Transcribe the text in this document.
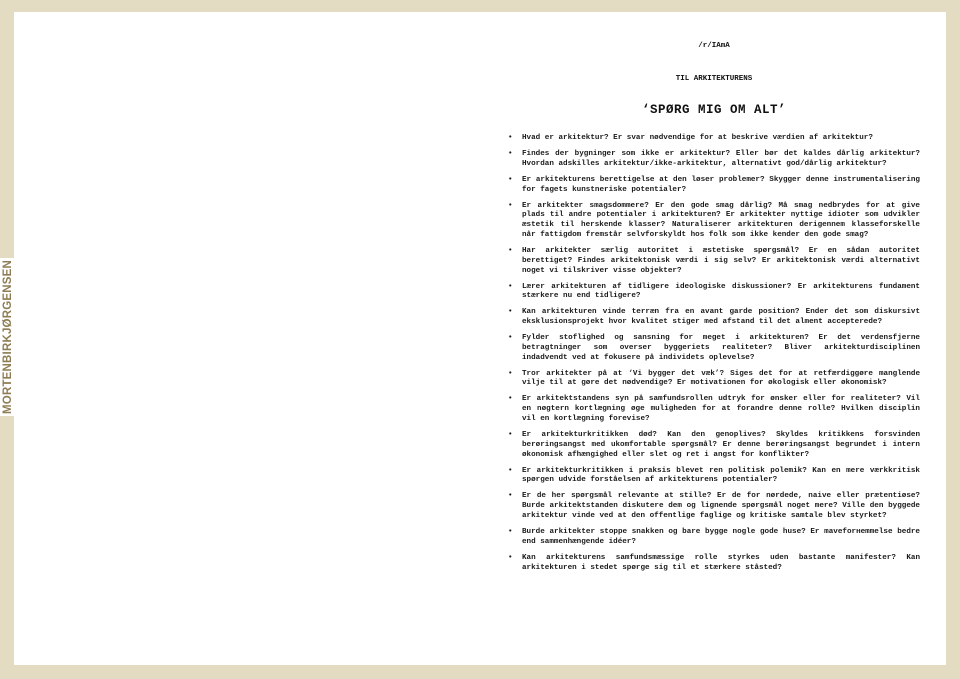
MORTENBIRKJØRGENSEN
/r/IAmA
TIL ARKITEKTURENS
‘SPØRG MIG OM ALT’
• Hvad er arkitektur? Er svar nødvendige for at beskrive værdien af arkitektur?
• Findes der bygninger som ikke er arkitektur? Eller bør det kaldes dårlig arkitektur? Hvordan adskilles arkitektur/ikke-arkitektur, alternativt god/dårlig arkitektur?
• Er arkitekturens berettigelse at den løser problemer? Skygger denne instrumentalisering for fagets kunstneriske potentialer?
• Er arkitekter smagsdommere? Er den gode smag dårlig? Må smag nedbrydes for at give plads til andre potentialer i arkitekturen? Er arkitekter nyttige idioter som udvikler æstetik til herskende klasser? Naturaliserer arkitekturen derigennem klasseforskelle når fattigdom fremstår selvforskyldt hos folk som ikke kender den gode smag?
• Har arkitekter særlig autoritet i æstetiske spørgsmål? Er en sådan autoritet berettiget? Findes arkitektonisk værdi i sig selv? Er arkitektonisk værdi alternativt noget vi tilskriver visse objekter?
• Lærer arkitekturen af tidligere ideologiske diskussioner? Er arkitekturens fundament stærkere nu end tidligere?
• Kan arkitekturen vinde terræn fra en avant garde position? Ender det som diskursivt eksklusionsprojekt hvor kvalitet stiger med afstand til det alment accepterede?
• Fylder stoflighed og sansning for meget i arkitekturen? Er det verdensfjerne betragtninger som overser byggeriets realiteter? Bliver arkitekturdisciplinen indadvendt ved at fokusere på individets oplevelse?
• Tror arkitekter på at ‘Vi bygger det væk’? Siges det for at retfærdiggøre manglende vilje til at gøre det nødvendige? Er motivationen for økologisk eller økonomisk?
• Er arkitektstandens syn på samfundsrollen udtryk for ønsker eller for realiteter? Vil en nøgtern kortlægning øge muligheden for at forandre denne rolle? Hvilken disciplin vil en kortlægning forevise?
• Er arkitekturkritikken død? Kan den genoplives? Skyldes kritikkens forsvinden berøringsangst med ukomfortable spørgsmål? Er denne berøringsangst begrundet i intern økonomisk afhængighed eller slet og ret i angst for konflikter?
• Er arkitekturkritikken i praksis blevet ren politisk polemik? Kan en mere værkkritisk spørgen udvide forståelsen af arkitekturens potentialer?
• Er de her spørgsmål relevante at stille? Er de for nørdede, naive eller prætentiøse? Burde arkitektstanden diskutere dem og lignende spørgsmål noget mere? Ville den byggede arkitektur vinde ved at den offentlige faglige og kritiske samtale blev styrket?
• Burde arkitekter stoppe snakken og bare bygge nogle gode huse? Er maveforнemmelse bedre end sammenhængende idéer?
• Kan arkitekturens samfundsmæssige rolle styrkes uden bastante manifester? Kan arkitekturen i stedet spørge sig til et stærkere ståsted?
